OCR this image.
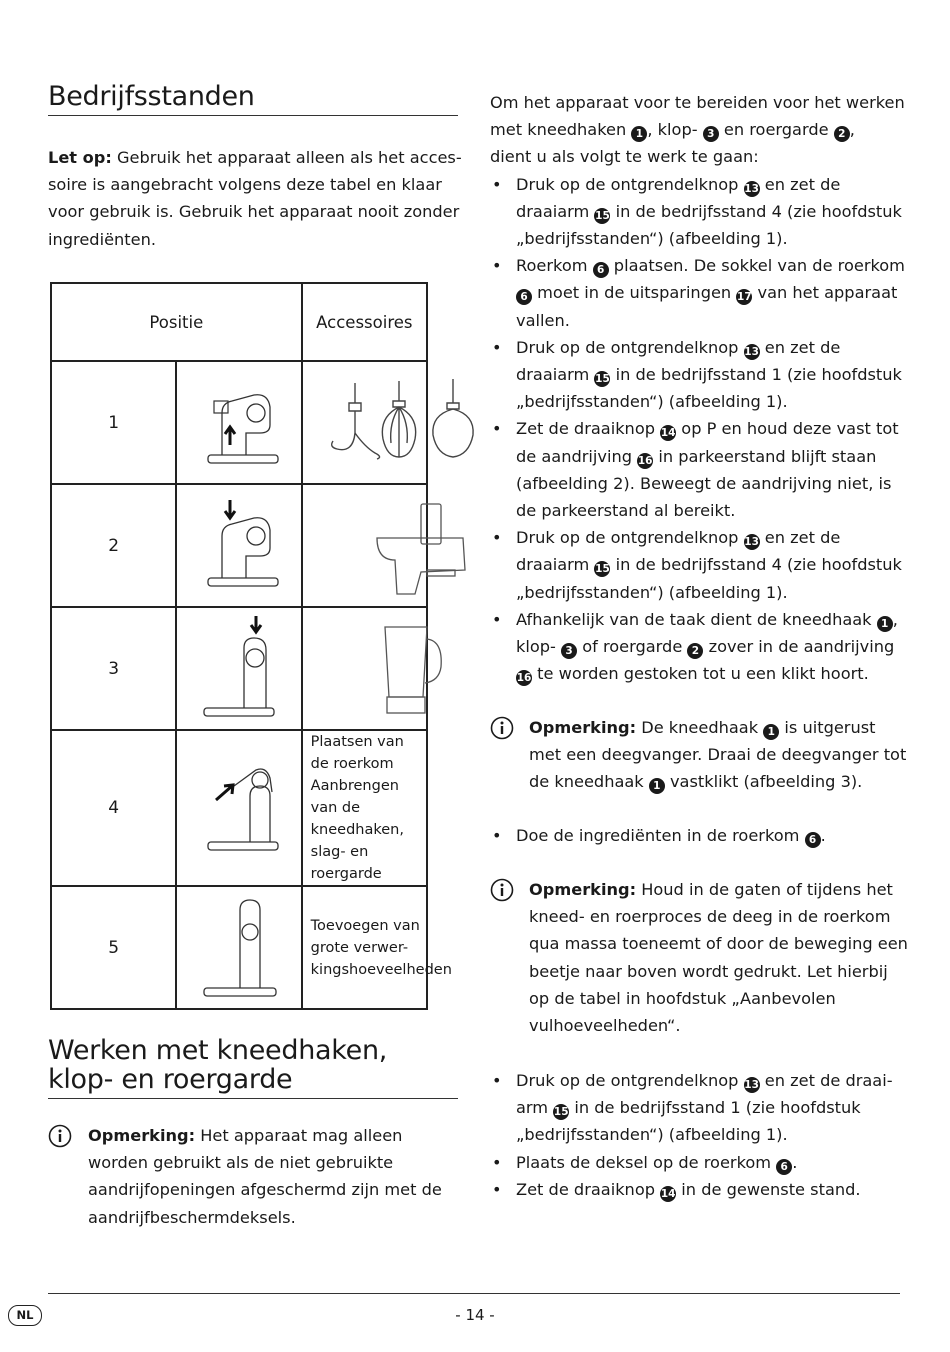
Bedrijfsstanden
Let op: Gebruik het apparaat alleen als het accessoire is aangebracht volgens deze tabel en klaar voor gebruik is. Gebruik het apparaat nooit zonder ingrediënten.
Positie		Accessoires
1	

2	

3	

4		Plaatsen van de roerkom
Aanbrengen van de kneedhaken,
slag- en roergarde

5		Toevoegen van grote verwer-
kingshoeveelheden
Werken met kneedhaken,
klop- en roergarde
Opmerking: Het apparaat mag alleen worden gebruikt als de niet gebruikte aandrijfopeningen afgeschermd zijn met de aandrijfbeschermdeksels.
Om het apparaat voor te bereiden voor het werken met kneedhaken 1 , klop- 3 en roergarde 2 ,
dient u als volgt te werk te gaan:
• Druk op de ontgrendelknop 13 en zet de draaiarm 15 in de bedrijfsstand 4 (zie hoofdstuk „bedrijfsstanden“) (afbeelding 1).
• Roerkom 6 plaatsen. De sokkel van de roerkom 6 moet in de uitsparingen 17 van het apparaat vallen.
• Druk op de ontgrendelknop 13 en zet de draaiarm 15 in de bedrijfsstand 1 (zie hoofdstuk „bedrijfsstanden“) (afbeelding 1).
• Zet de draaiknop 14 op P en houd deze vast tot de aandrijving 16 in parkeerstand blijft staan (afbeelding 2). Beweegt de aandrijving niet, is de parkeerstand al bereikt.
• Druk op de ontgrendelknop 13 en zet de draaiarm 15 in de bedrijfsstand 4 (zie hoofdstuk „bedrijfsstanden“) (afbeelding 1).
• Afhankelijk van de taak dient de kneedhaak 1 , klop- 3 of roergarde 2 zover in de aandrijving 16 te worden gestoken tot u een klikt hoort.
Opmerking: De kneedhaak 1 is uitgerust met een deegvanger. Draai de deegvanger tot de kneedhaak 1 vastklikt (afbeelding 3).
• Doe de ingrediënten in de roerkom 6 .
Opmerking: Houd in de gaten of tijdens het kneed- en roerproces de deeg in de roerkom qua massa toeneemt of door de beweging een beetje naar boven wordt gedrukt. Let hierbij op de tabel in hoofdstuk „Aanbevolen vulhoeveelheden“.
• Druk op de ontgrendelknop 13 en zet de draaiarm 15 in de bedrijfsstand 1 (zie hoofdstuk „bedrijfsstanden“) (afbeelding 1).
• Plaats de deksel op de roerkom 6 .
• Zet de draaiknop 14 in de gewenste stand.
NL	- 14 -
